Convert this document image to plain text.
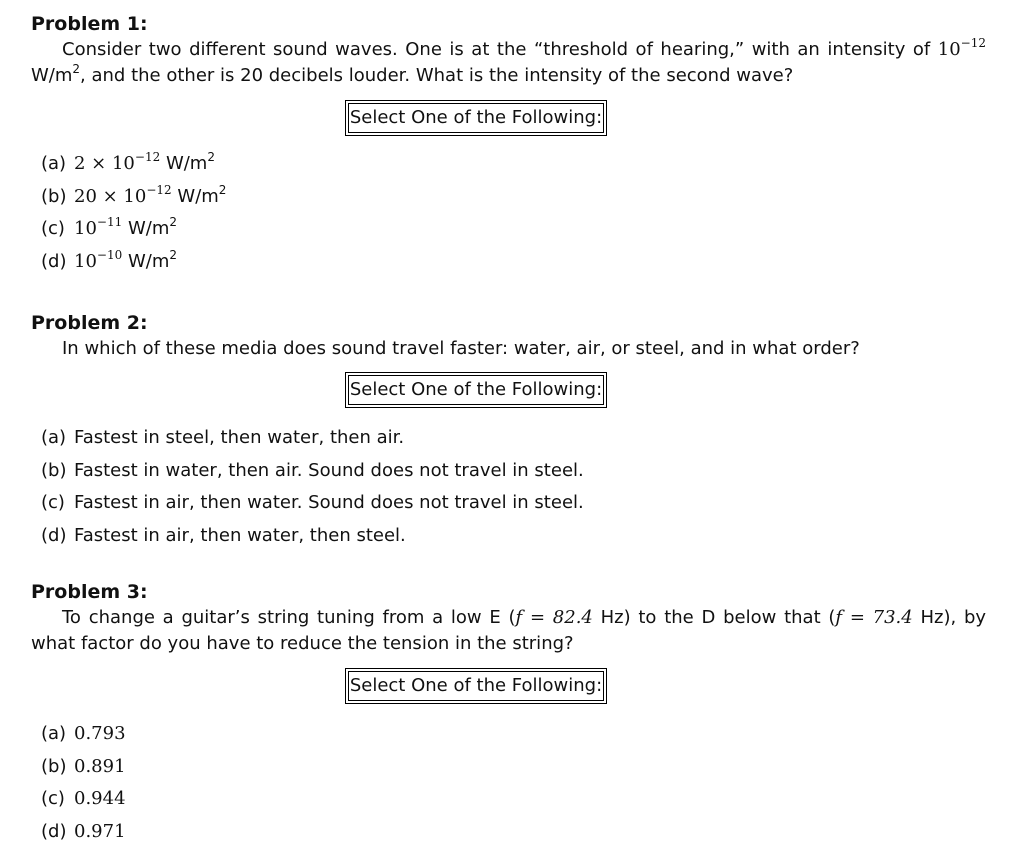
Problem 1:

Consider two different sound waves. One is at the “threshold of hearing,” with an intensity of $10^{-12}$ $W/m^2$, and the other is 20 decibels louder. What is the intensity of the second wave?

Select One of the Following:
(a) $2 \times 10^{-12}$ $W/m^2$
(b) $20 \times 10^{-12}$ $W/m^2$
(c) $10^{-11}$ $W/m^2$
(d) $10^{-10}$ $W/m^2$

Problem 2:

In which of these media does sound travel faster: water, air, or steel, and in what order?

Select One of the Following:
(a) Fastest in steel, then water, then air.
(b) Fastest in water, then air. Sound does not travel in steel.
(c) Fastest in air, then water. Sound does not travel in steel.
(d) Fastest in air, then water, then steel.

Problem 3:

To change a guitar’s string tuning from a low E (f = 82.4 Hz) to the D below that (f = 73.4 Hz), by what factor do you have to reduce the tension in the string?

Select One of the Following:
(a) 0.793
(b) 0.891
(c) 0.944
(d) 0.971
